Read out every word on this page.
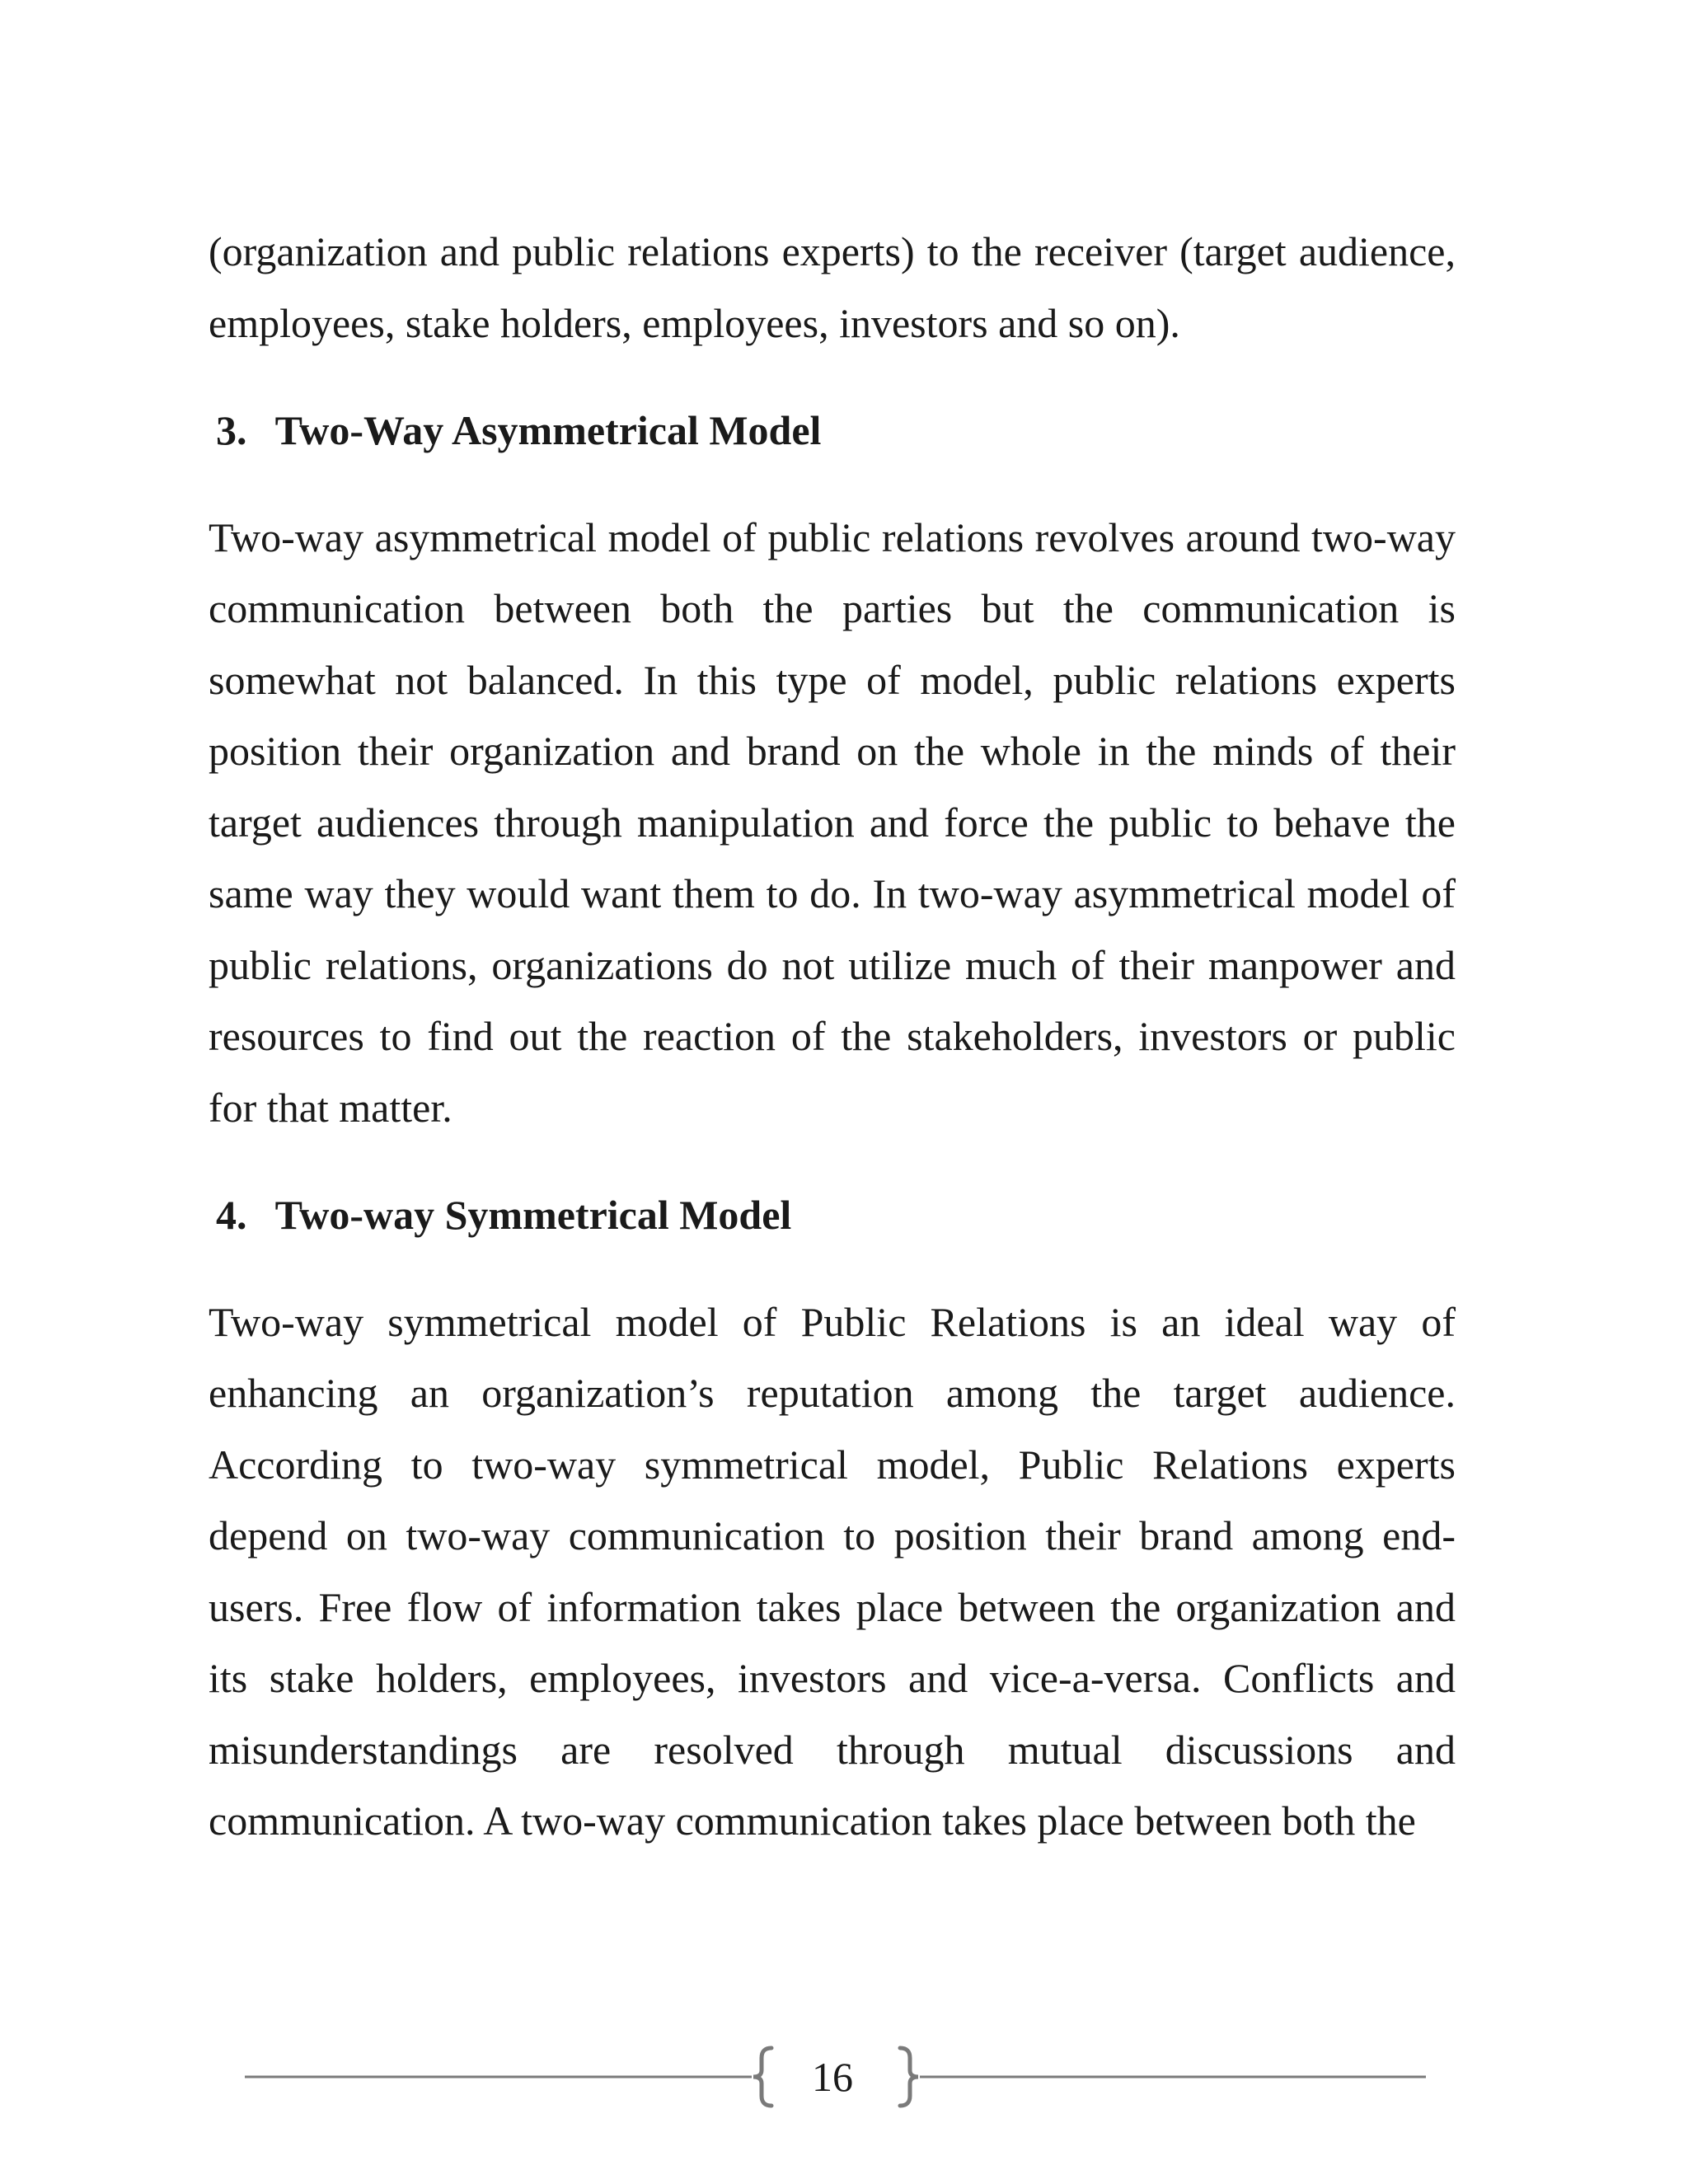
(organization and public relations experts) to the receiver (target audience, employees, stake holders, employees, investors and so on).

3. Two-Way Asymmetrical Model

Two-way asymmetrical model of public relations revolves around two-way communication between both the parties but the communication is somewhat not balanced. In this type of model, public relations experts position their organization and brand on the whole in the minds of their target audiences through manipulation and force the public to behave the same way they would want them to do. In two-way asymmetrical model of public relations, organizations do not utilize much of their manpower and resources to find out the reaction of the stakeholders, investors or public for that matter.

4. Two-way Symmetrical Model

Two-way symmetrical model of Public Relations is an ideal way of enhancing an organization’s reputation among the target audience. According to two-way symmetrical model, Public Relations experts depend on two-way communication to position their brand among end-users. Free flow of information takes place between the organization and its stake holders, employees, investors and vice-a-versa. Conflicts and misunderstandings are resolved through mutual discussions and communication. A two-way communication takes place between both the

16
